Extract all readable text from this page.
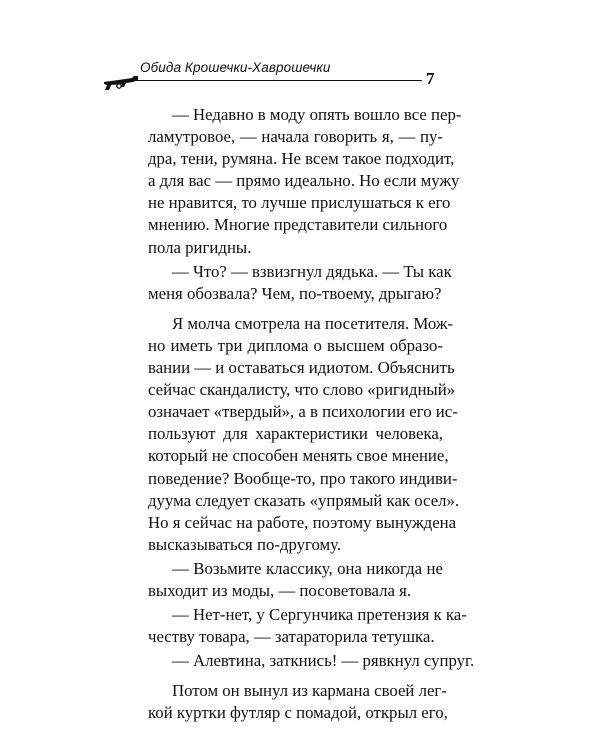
Обида Крошечки-Хаврошечки
7

— Недавно в моду опять вошло все пер-
ламутровое, — начала говорить я, — пу-
дра, тени, румяна. Не всем такое подходит,
а для вас — прямо идеально. Но если мужу
не нравится, то лучше прислушаться к его
мнению. Многие представители сильного
пола ригидны.

— Что? — взвизгнул дядька. — Ты как
меня обозвала? Чем, по-твоему, дрыгаю?

Я молча смотрела на посетителя. Мож-
но иметь три диплома о высшем образо-
вании — и оставаться идиотом. Объяснить
сейчас скандалисту, что слово «ригидный»
означает «твердый», а в психологии его ис-
пользуют для характеристики человека,
который не способен менять свое мнение,
поведение? Вообще-то, про такого индиви-
дуума следует сказать «упрямый как осел».
Но я сейчас на работе, поэтому вынуждена
высказываться по-другому.

— Возьмите классику, она никогда не
выходит из моды, — посоветовала я.

— Нет-нет, у Сергунчика претензия к ка-
честву товара, — затараторила тетушка.

— Алевтина, заткнись! — рявкнул супруг.

Потом он вынул из кармана своей лег-
кой куртки футляр с помадой, открыл его,
